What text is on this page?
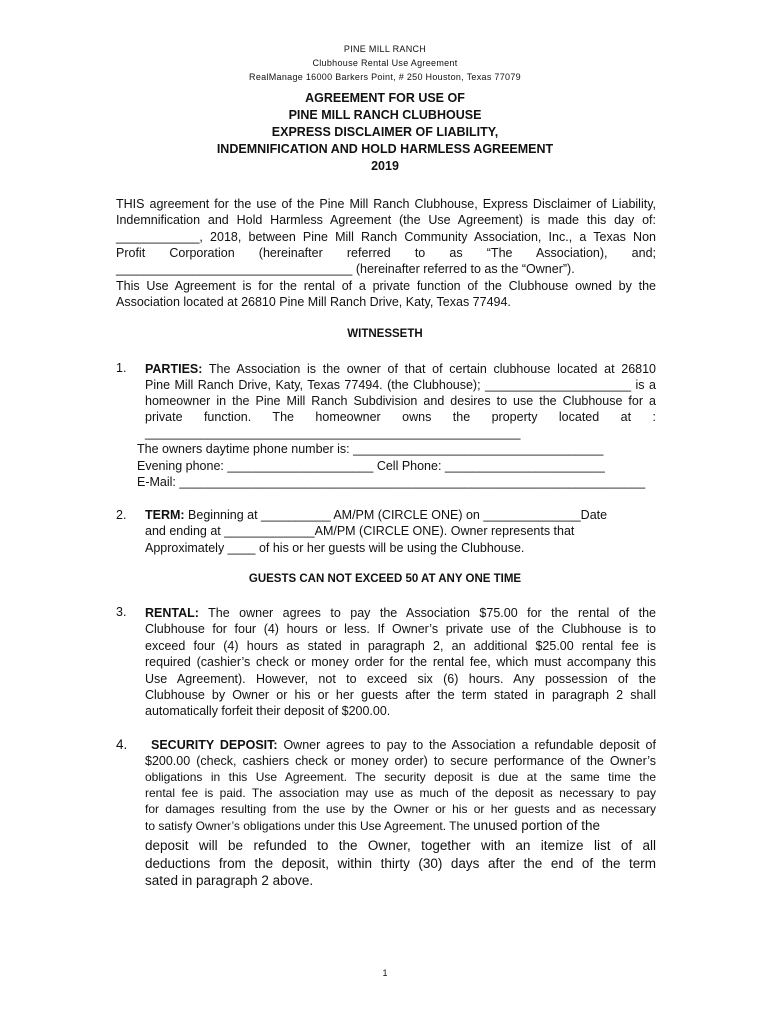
PINE MILL RANCH
Clubhouse Rental Use Agreement
RealManage 16000 Barkers Point, # 250 Houston, Texas 77079
AGREEMENT FOR USE OF
PINE MILL RANCH CLUBHOUSE
EXPRESS DISCLAIMER OF LIABILITY,
INDEMNIFICATION AND HOLD HARMLESS AGREEMENT
2019
THIS agreement for the use of the Pine Mill Ranch Clubhouse, Express Disclaimer of Liability,
Indemnification and Hold Harmless Agreement (the Use Agreement) is made this day of:
____________, 2018, between Pine Mill Ranch Community Association, Inc., a Texas Non
Profit Corporation (hereinafter referred to as “The Association), and;
__________________________________ (hereinafter referred to as the “Owner”).
This Use Agreement is for the rental of a private function of the Clubhouse owned by the
Association located at 26810 Pine Mill Ranch Drive, Katy, Texas 77494.
WITNESSETH
1. PARTIES: The Association is the owner of that of certain clubhouse located at 26810
Pine Mill Ranch Drive, Katy, Texas 77494. (the Clubhouse); _____________________ is a
homeowner in the Pine Mill Ranch Subdivision and desires to use the Clubhouse for a
private function. The homeowner owns the property located at :
______________________________________________________
The owners daytime phone number is: ____________________________________
Evening phone: _____________________ Cell Phone: _______________________
E-Mail: ___________________________________________________________________
2. TERM: Beginning at __________ AM/PM (CIRCLE ONE) on ______________Date
and ending at _____________AM/PM (CIRCLE ONE). Owner represents that
Approximately ____ of his or her guests will be using the Clubhouse.
GUESTS CAN NOT EXCEED 50 AT ANY ONE TIME
3. RENTAL: The owner agrees to pay the Association $75.00 for the rental of the
Clubhouse for four (4) hours or less. If Owner’s private use of the Clubhouse is to
exceed four (4) hours as stated in paragraph 2, an additional $25.00 rental fee is
required (cashier’s check or money order for the rental fee, which must accompany this
Use Agreement). However, not to exceed six (6) hours. Any possession of the
Clubhouse by Owner or his or her guests after the term stated in paragraph 2 shall
automatically forfeit their deposit of $200.00.
4. SECURITY DEPOSIT: Owner agrees to pay to the Association a refundable deposit of
$200.00 (check, cashiers check or money order) to secure performance of the Owner’s
obligations in this Use Agreement. The security deposit is due at the same time the
rental fee is paid. The association may use as much of the deposit as necessary to pay
for damages resulting from the use by the Owner or his or her guests and as necessary
to satisfy Owner’s obligations under this Use Agreement. The unused portion of the
deposit will be refunded to the Owner, together with an itemize list of all
deductions from the deposit, within thirty (30) days after the end of the term
sated in paragraph 2 above.
1
